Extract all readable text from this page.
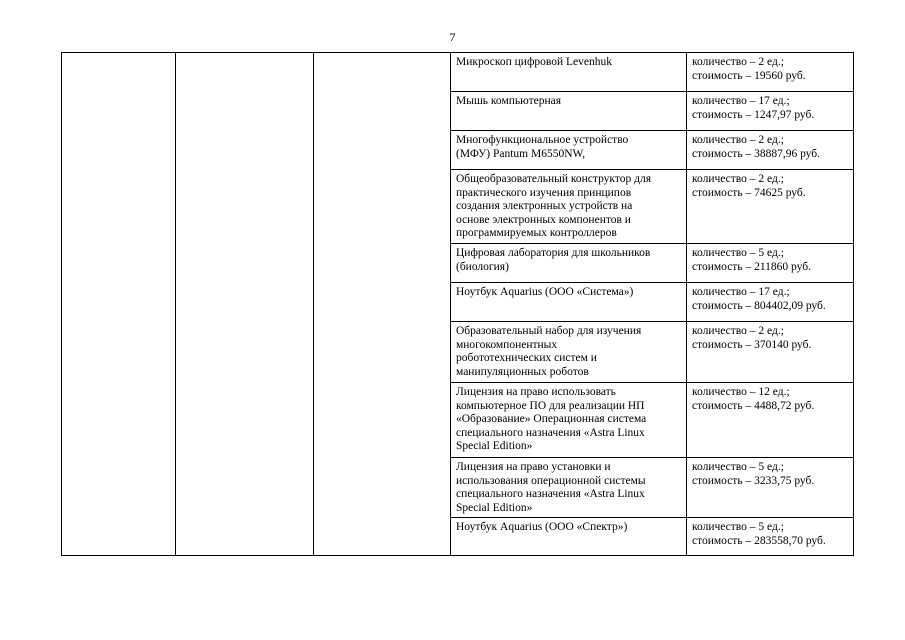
7

			Микроскоп цифровой Levenhuk	количество – 2 ед.;
стоимость – 19560 руб.

			Мышь компьютерная	количество – 17 ед.;
стоимость – 1247,97 руб.

			Многофункциональное устройство
(МФУ) Pantum M6550NW,	количество – 2 ед.;
стоимость – 38887,96 руб.

			Общеобразовательный конструктор для
практического изучения принципов
создания электронных устройств на
основе электронных компонентов и
программируемых контроллеров	количество – 2 ед.;
стоимость – 74625 руб.

			Цифровая лаборатория для школьников
(биология)	количество – 5 ед.;
стоимость – 211860 руб.

			Ноутбук Aquarius (ООО «Система»)	количество – 17 ед.;
стоимость – 804402,09 руб.

			Образовательный набор для изучения
многокомпонентных
робототехнических систем и
манипуляционных роботов	количество – 2 ед.;
стоимость – 370140 руб.

			Лицензия на право использовать
компьютерное ПО для реализации НП
«Образование» Операционная система
специального назначения «Astra Linux
Special Edition»	количество – 12 ед.;
стоимость – 4488,72 руб.

			Лицензия на право установки и
использования операционной системы
специального назначения «Astra Linux
Special Edition»	количество – 5 ед.;
стоимость – 3233,75 руб.

			Ноутбук Aquarius (ООО «Спектр»)	количество – 5 ед.;
стоимость – 283558,70 руб.
